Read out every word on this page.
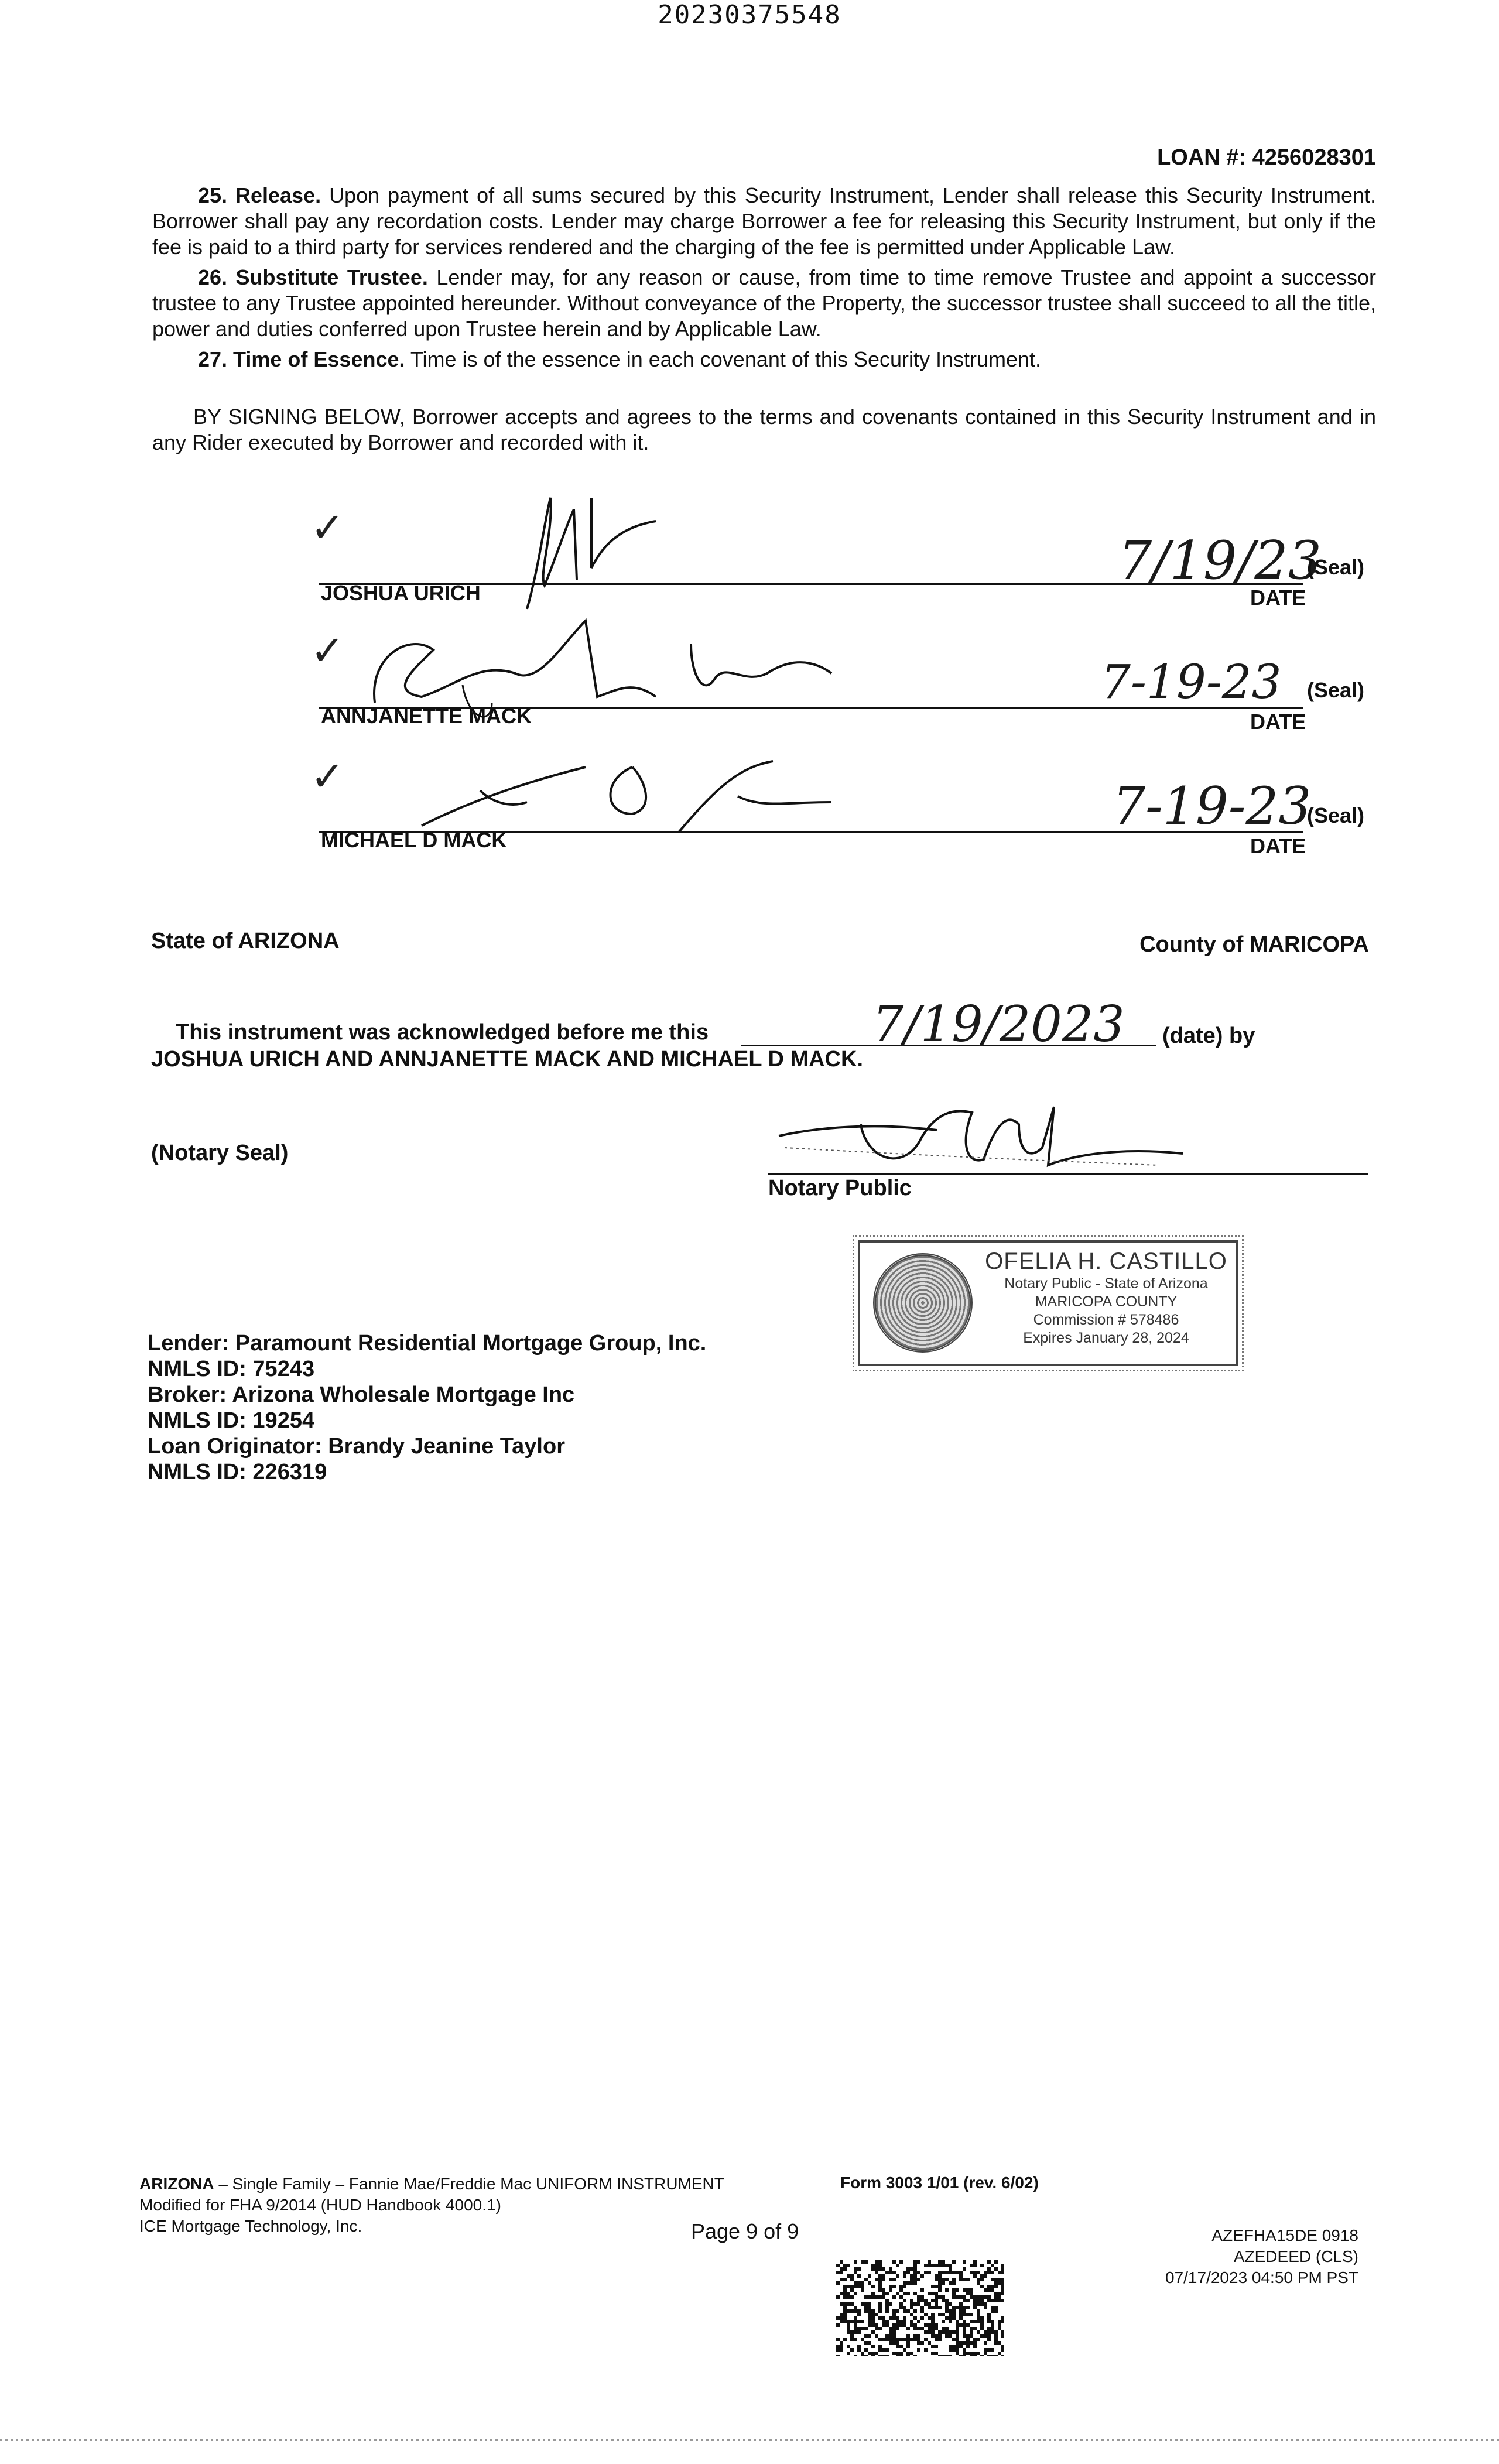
20230375548
LOAN #: 4256028301
25. Release. Upon payment of all sums secured by this Security Instrument, Lender shall release this Security Instrument. Borrower shall pay any recordation costs. Lender may charge Borrower a fee for releasing this Security Instrument, but only if the fee is paid to a third party for services rendered and the charging of the fee is permitted under Applicable Law.
26. Substitute Trustee. Lender may, for any reason or cause, from time to time remove Trustee and appoint a successor trustee to any Trustee appointed hereunder. Without conveyance of the Property, the successor trustee shall succeed to all the title, power and duties conferred upon Trustee herein and by Applicable Law.
27. Time of Essence. Time is of the essence in each covenant of this Security Instrument.
BY SIGNING BELOW, Borrower accepts and agrees to the terms and covenants contained in this Security Instrument and in any Rider executed by Borrower and recorded with it.
✓
JOSHUA URICH
7/19/23
(Seal)
DATE
✓
ANNJANETTE MACK
7-19-23 (Seal)
DATE
✓
MICHAEL D MACK
7-19-23
(Seal)
DATE
State of ARIZONA	County of MARICOPA
This instrument was acknowledged before me this	7/19/2023 (date) by
JOSHUA URICH AND ANNJANETTE MACK AND MICHAEL D MACK.
(Notary Seal)
Notary Public
OFELIA H. CASTILLO
Notary Public - State of Arizona
MARICOPA COUNTY
Commission # 578486
Expires January 28, 2024
Lender: Paramount Residential Mortgage Group, Inc.
NMLS ID: 75243
Broker: Arizona Wholesale Mortgage Inc
NMLS ID: 19254
Loan Originator: Brandy Jeanine Taylor
NMLS ID: 226319
ARIZONA – Single Family – Fannie Mae/Freddie Mac UNIFORM INSTRUMENT
Modified for FHA 9/2014 (HUD Handbook 4000.1)
ICE Mortgage Technology, Inc.
Form 3003 1/01 (rev. 6/02)
Page 9 of 9	AZEFHA15DE 0918
AZEDEED (CLS)
07/17/2023 04:50 PM PST
